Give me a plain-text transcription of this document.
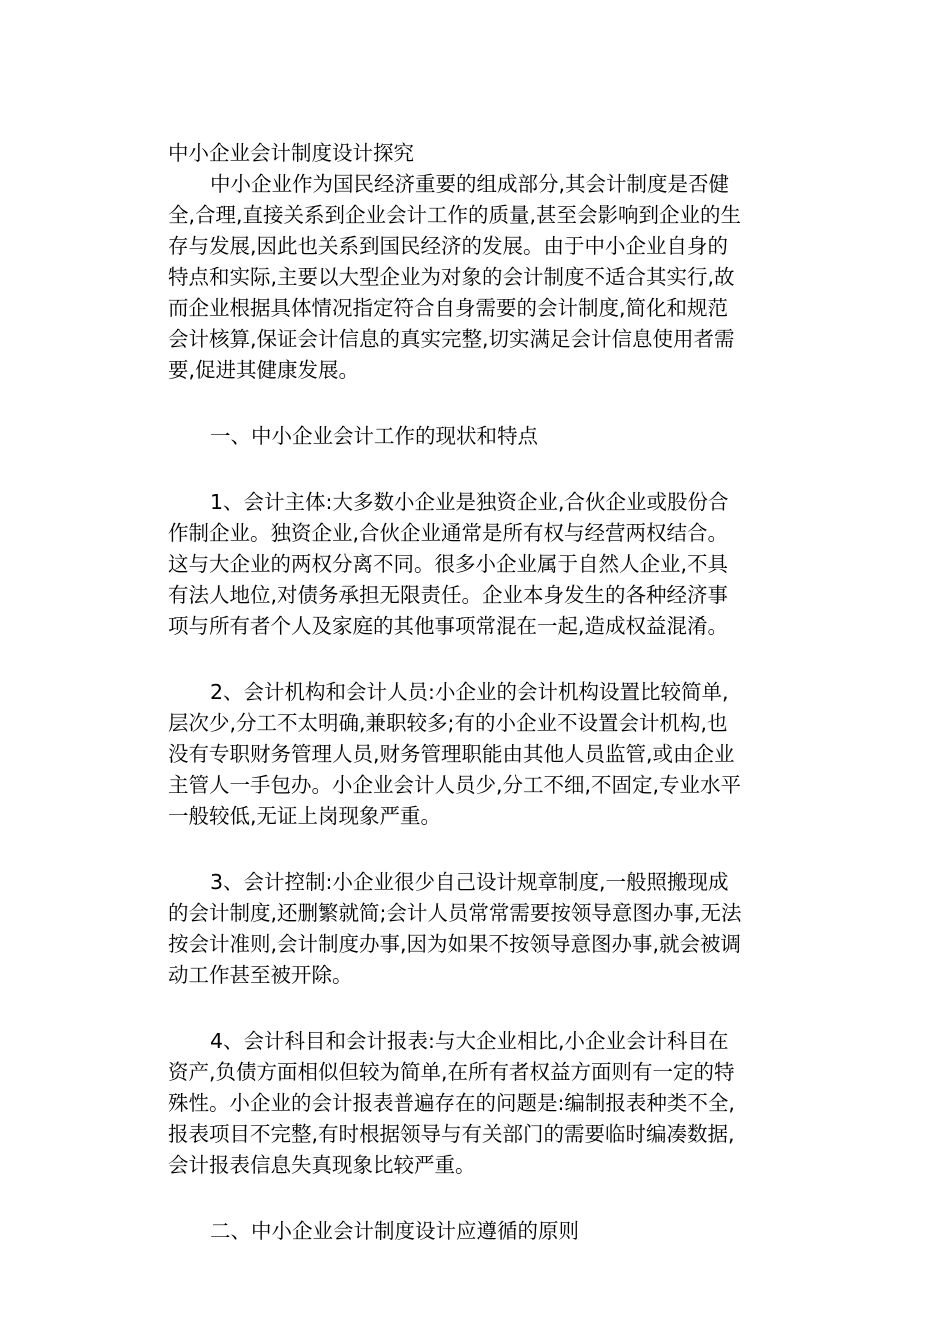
中小企业会计制度设计探究
中小企业作为国民经济重要的组成部分,其会计制度是否健
全,合理,直接关系到企业会计工作的质量,甚至会影响到企业的生
存与发展,因此也关系到国民经济的发展。由于中小企业自身的
特点和实际,主要以大型企业为对象的会计制度不适合其实行,故
而企业根据具体情况指定符合自身需要的会计制度,简化和规范
会计核算,保证会计信息的真实完整,切实满足会计信息使用者需
要,促进其健康发展。
一、中小企业会计工作的现状和特点
1、会计主体:大多数小企业是独资企业,合伙企业或股份合
作制企业。独资企业,合伙企业通常是所有权与经营两权结合。
这与大企业的两权分离不同。很多小企业属于自然人企业,不具
有法人地位,对债务承担无限责任。企业本身发生的各种经济事
项与所有者个人及家庭的其他事项常混在一起,造成权益混淆。
2、会计机构和会计人员:小企业的会计机构设置比较简单,
层次少,分工不太明确,兼职较多;有的小企业不设置会计机构,也
没有专职财务管理人员,财务管理职能由其他人员监管,或由企业
主管人一手包办。小企业会计人员少,分工不细,不固定,专业水平
一般较低,无证上岗现象严重。
3、会计控制:小企业很少自己设计规章制度,一般照搬现成
的会计制度,还删繁就简;会计人员常常需要按领导意图办事,无法
按会计准则,会计制度办事,因为如果不按领导意图办事,就会被调
动工作甚至被开除。
4、会计科目和会计报表:与大企业相比,小企业会计科目在
资产,负债方面相似但较为简单,在所有者权益方面则有一定的特
殊性。小企业的会计报表普遍存在的问题是:编制报表种类不全,
报表项目不完整,有时根据领导与有关部门的需要临时编凑数据,
会计报表信息失真现象比较严重。
二、中小企业会计制度设计应遵循的原则
